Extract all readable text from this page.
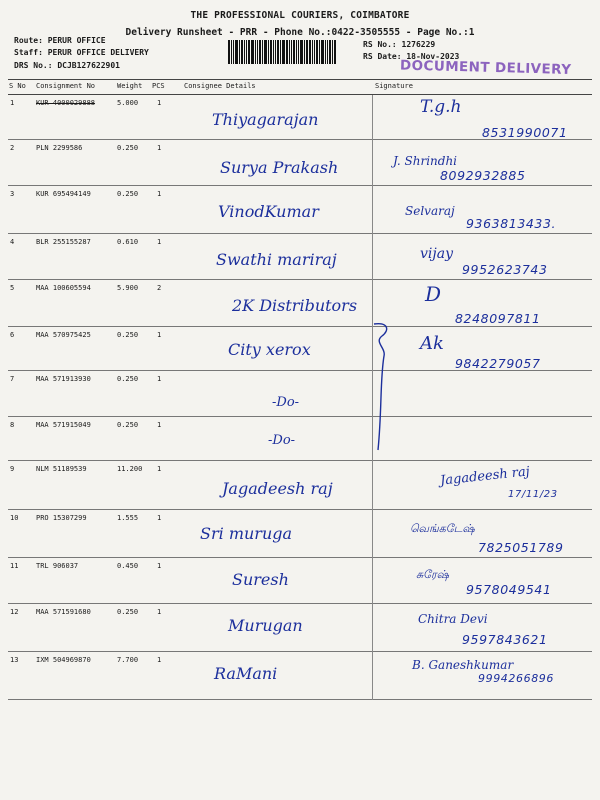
THE PROFESSIONAL COURIERS, COIMBATORE
Delivery Runsheet - PRR - Phone No.:0422-3505555 - Page No.:1
Route: PERUR OFFICE
Staff: PERUR OFFICE DELIVERY
DRS No.: DCJB127622901
RS No.: 1276229
RS Date: 18-Nov-2023
DOCUMENT DELIVERY
S No Consignment No	Weight PCS	Consignee Details	Signature
1	KUR 4000029888	5.000	1
Thiyagarajan
T.g.h
8531990071
2	PLN 2299586	0.250	1
Surya Prakash	J. Shrindhi
8092932885
3	KUR 695494149	0.250	1
VinodKumar	Selvaraj
9363813433.
4	BLR 255155287	0.610	1
Swathi mariraj	vijay
9952623743
5	MAA 100605594	5.900	2
2K Distributors	D
8248097811
6	MAA 570975425	0.250	1
City xerox	Ak
9842279057
7	MAA 571913930	0.250	1
-Do-
8	MAA 571915049	0.250	1
-Do-
9	NLM 51189539	11.200 1
Jagadeesh raj	Jagadeesh raj
17/11/23
10	PRO 15307299	1.555	1
Sri muruga	வெங்கடேஷ்
7825051789
11	TRL 906037	0.450	1
Suresh	சுரேஷ்
9578049541
12	MAA 571591680	0.250	1
Murugan	Chitra Devi
9597843621
13	IXM 504969870	7.700	1
RaMani	B. Ganeshkumar
9994266896
